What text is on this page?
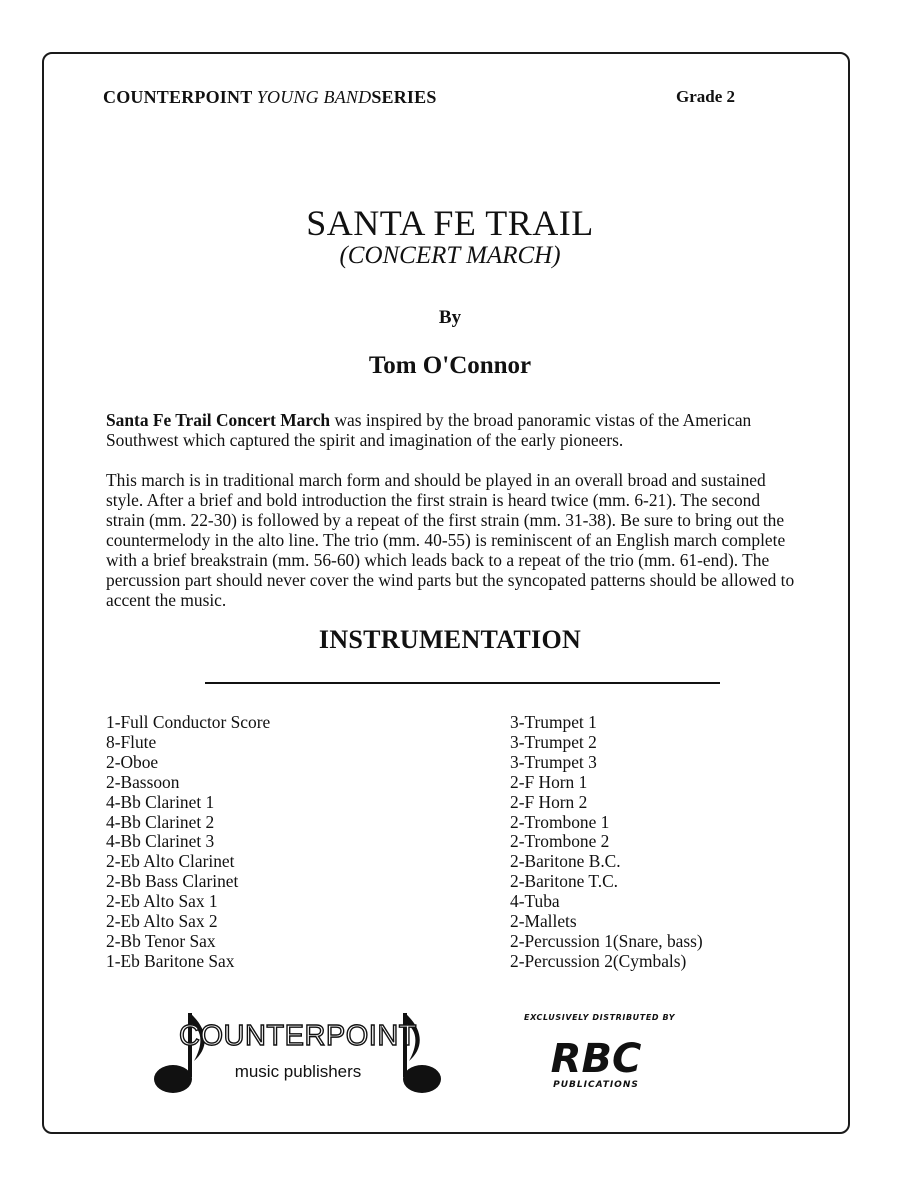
COUNTERPOINT YOUNG BANDSERIES	Grade 2
SANTA FE TRAIL
(CONCERT MARCH)
By
Tom O'Connor

Santa Fe Trail Concert March was inspired by the broad panoramic vistas of the American Southwest which captured the spirit and imagination of the early pioneers.

This march is in traditional march form and should be played in an overall broad and sustained style. After a brief and bold introduction the first strain is heard twice (mm. 6-21). The second strain (mm. 22-30) is followed by a repeat of the first strain (mm. 31-38). Be sure to bring out the countermelody in the alto line. The trio (mm. 40-55) is reminiscent of an English march complete with a brief breakstrain (mm. 56-60) which leads back to a repeat of the trio (mm. 61-end). The percussion part should never cover the wind parts but the syncopated patterns should be allowed to accent the music.

INSTRUMENTATION
1-Full Conductor Score
8-Flute
2-Oboe
2-Bassoon
4-Bb Clarinet 1
4-Bb Clarinet 2
4-Bb Clarinet 3
2-Eb Alto Clarinet
2-Bb Bass Clarinet
2-Eb Alto Sax 1
2-Eb Alto Sax 2
2-Bb Tenor Sax
1-Eb Baritone Sax
3-Trumpet 1
3-Trumpet 2
3-Trumpet 3
2-F Horn 1
2-F Horn 2
2-Trombone 1
2-Trombone 2
2-Baritone B.C.
2-Baritone T.C.
4-Tuba
2-Mallets
2-Percussion 1(Snare, bass)
2-Percussion 2(Cymbals)
COUNTERPOINT
music publishers
EXCLUSIVELY DISTRIBUTED BY
RBC
PUBLICATIONS
